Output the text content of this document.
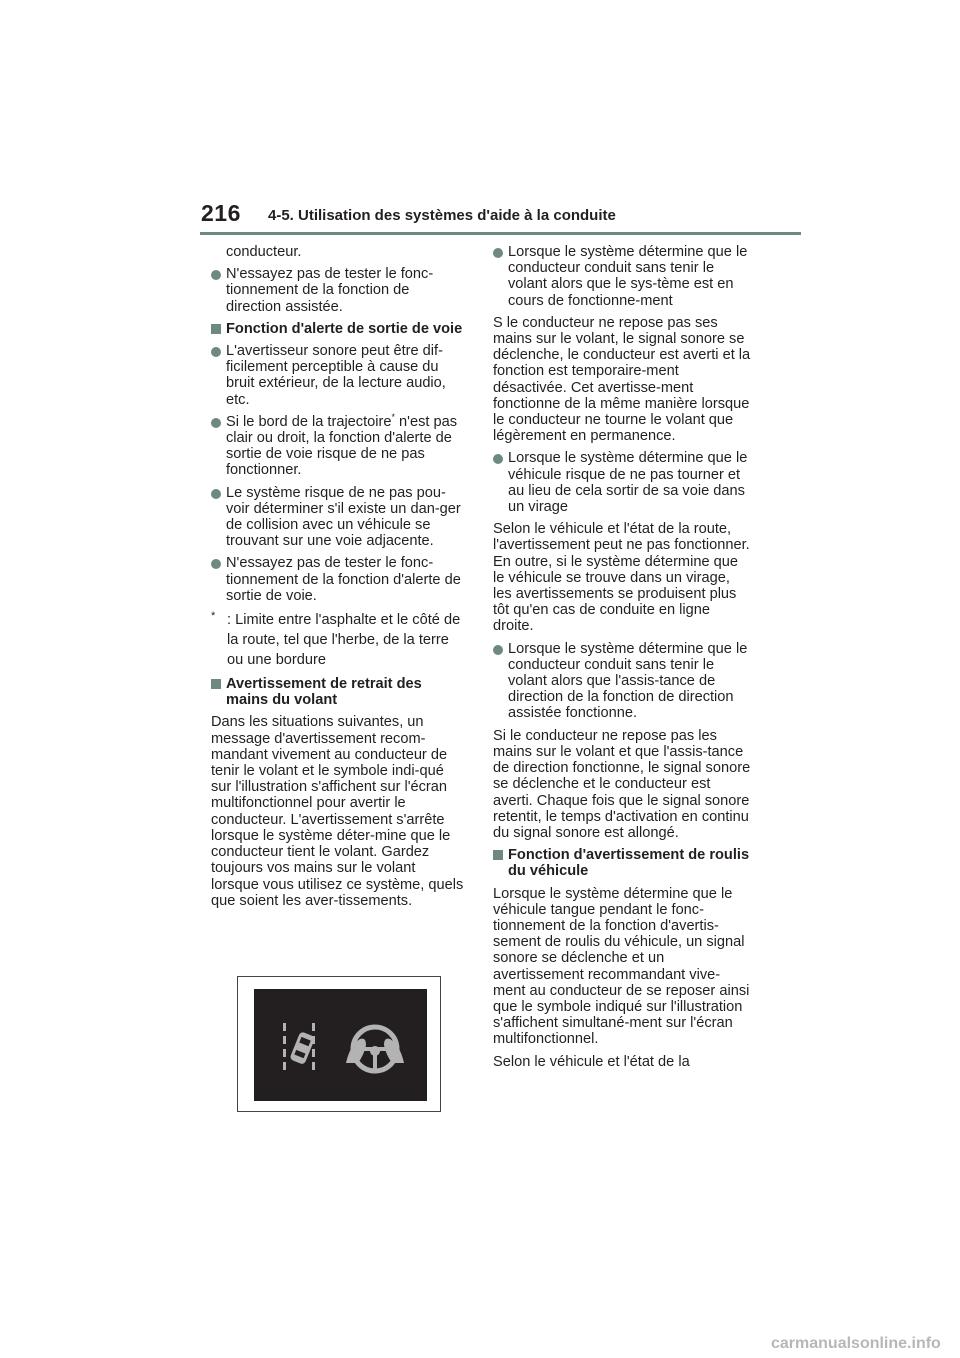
216 4-5. Utilisation des systèmes d'aide à la conduite

conducteur.

N'essayez pas de tester le fonc-tionnement de la fonction de direction assistée.

Fonction d'alerte de sortie de voie

L'avertisseur sonore peut être dif-ficilement perceptible à cause du bruit extérieur, de la lecture audio, etc.

Si le bord de la trajectoire* n'est pas clair ou droit, la fonction d'alerte de sortie de voie risque de ne pas fonctionner.

Le système risque de ne pas pou-voir déterminer s'il existe un dan-ger de collision avec un véhicule se trouvant sur une voie adjacente.

N'essayez pas de tester le fonc-tionnement de la fonction d'alerte de sortie de voie.

* : Limite entre l'asphalte et le côté de la route, tel que l'herbe, de la terre ou une bordure

Avertissement de retrait des mains du volant

Dans les situations suivantes, un message d'avertissement recom-mandant vivement au conducteur de tenir le volant et le symbole indi-qué sur l'illustration s'affichent sur l'écran multifonctionnel pour avertir le conducteur. L'avertissement s'arrête lorsque le système déter-mine que le conducteur tient le volant. Gardez toujours vos mains sur le volant lorsque vous utilisez ce système, quels que soient les aver-tissements.

Lorsque le système détermine que le conducteur conduit sans tenir le volant alors que le sys-tème est en cours de fonctionne-ment

S le conducteur ne repose pas ses mains sur le volant, le signal sonore se déclenche, le conducteur est averti et la fonction est temporaire-ment désactivée. Cet avertisse-ment fonctionne de la même manière lorsque le conducteur ne tourne le volant que légèrement en permanence.

Lorsque le système détermine que le véhicule risque de ne pas tourner et au lieu de cela sortir de sa voie dans un virage

Selon le véhicule et l'état de la route, l'avertissement peut ne pas fonctionner. En outre, si le système détermine que le véhicule se trouve dans un virage, les avertissements se produisent plus tôt qu'en cas de conduite en ligne droite.

Lorsque le système détermine que le conducteur conduit sans tenir le volant alors que l'assis-tance de direction de la fonction de direction assistée fonctionne.

Si le conducteur ne repose pas les mains sur le volant et que l'assis-tance de direction fonctionne, le signal sonore se déclenche et le conducteur est averti. Chaque fois que le signal sonore retentit, le temps d'activation en continu du signal sonore est allongé.

Fonction d'avertissement de roulis du véhicule

Lorsque le système détermine que le véhicule tangue pendant le fonc-tionnement de la fonction d'avertis-sement de roulis du véhicule, un signal sonore se déclenche et un avertissement recommandant vive-ment au conducteur de se reposer ainsi que le symbole indiqué sur l'illustration s'affichent simultané-ment sur l'écran multifonctionnel.

Selon le véhicule et l'état de la

carmanualsonline.info
